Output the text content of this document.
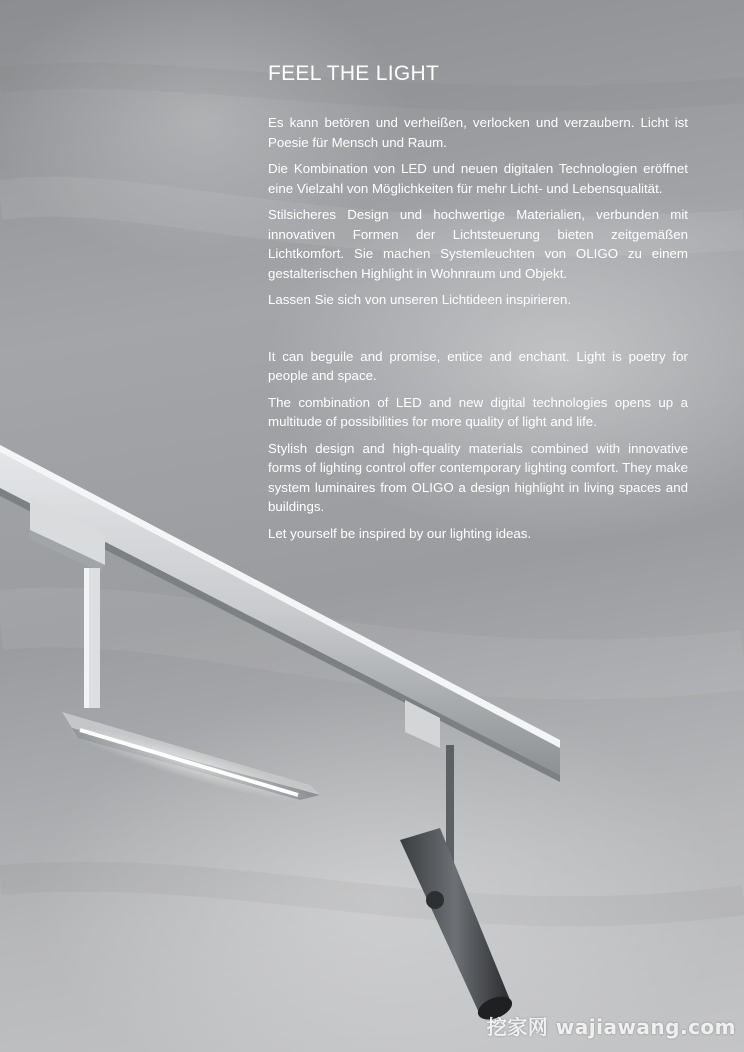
FEEL THE LIGHT

Es kann betören und verheißen, verlocken und verzaubern. Licht ist Poesie für Mensch und Raum.

Die Kombination von LED und neuen digitalen Technologien eröffnet eine Vielzahl von Möglichkeiten für mehr Licht- und Lebensqualität.

Stilsicheres Design und hochwertige Materialien, verbunden mit innovativen Formen der Lichtsteuerung bieten zeitgemäßen Lichtkomfort. Sie machen Systemleuchten von OLIGO zu einem gestalterischen Highlight in Wohnraum und Objekt.

Lassen Sie sich von unseren Lichtideen inspirieren.

It can beguile and promise, entice and enchant. Light is poetry for people and space.

The combination of LED and new digital technologies opens up a multitude of possibilities for more quality of light and life.

Stylish design and high-quality materials combined with innovative forms of lighting control offer contemporary lighting comfort. They make system luminaires from OLIGO a design highlight in living spaces and buildings.

Let yourself be inspired by our lighting ideas.

挖家网 wajiawang.com
